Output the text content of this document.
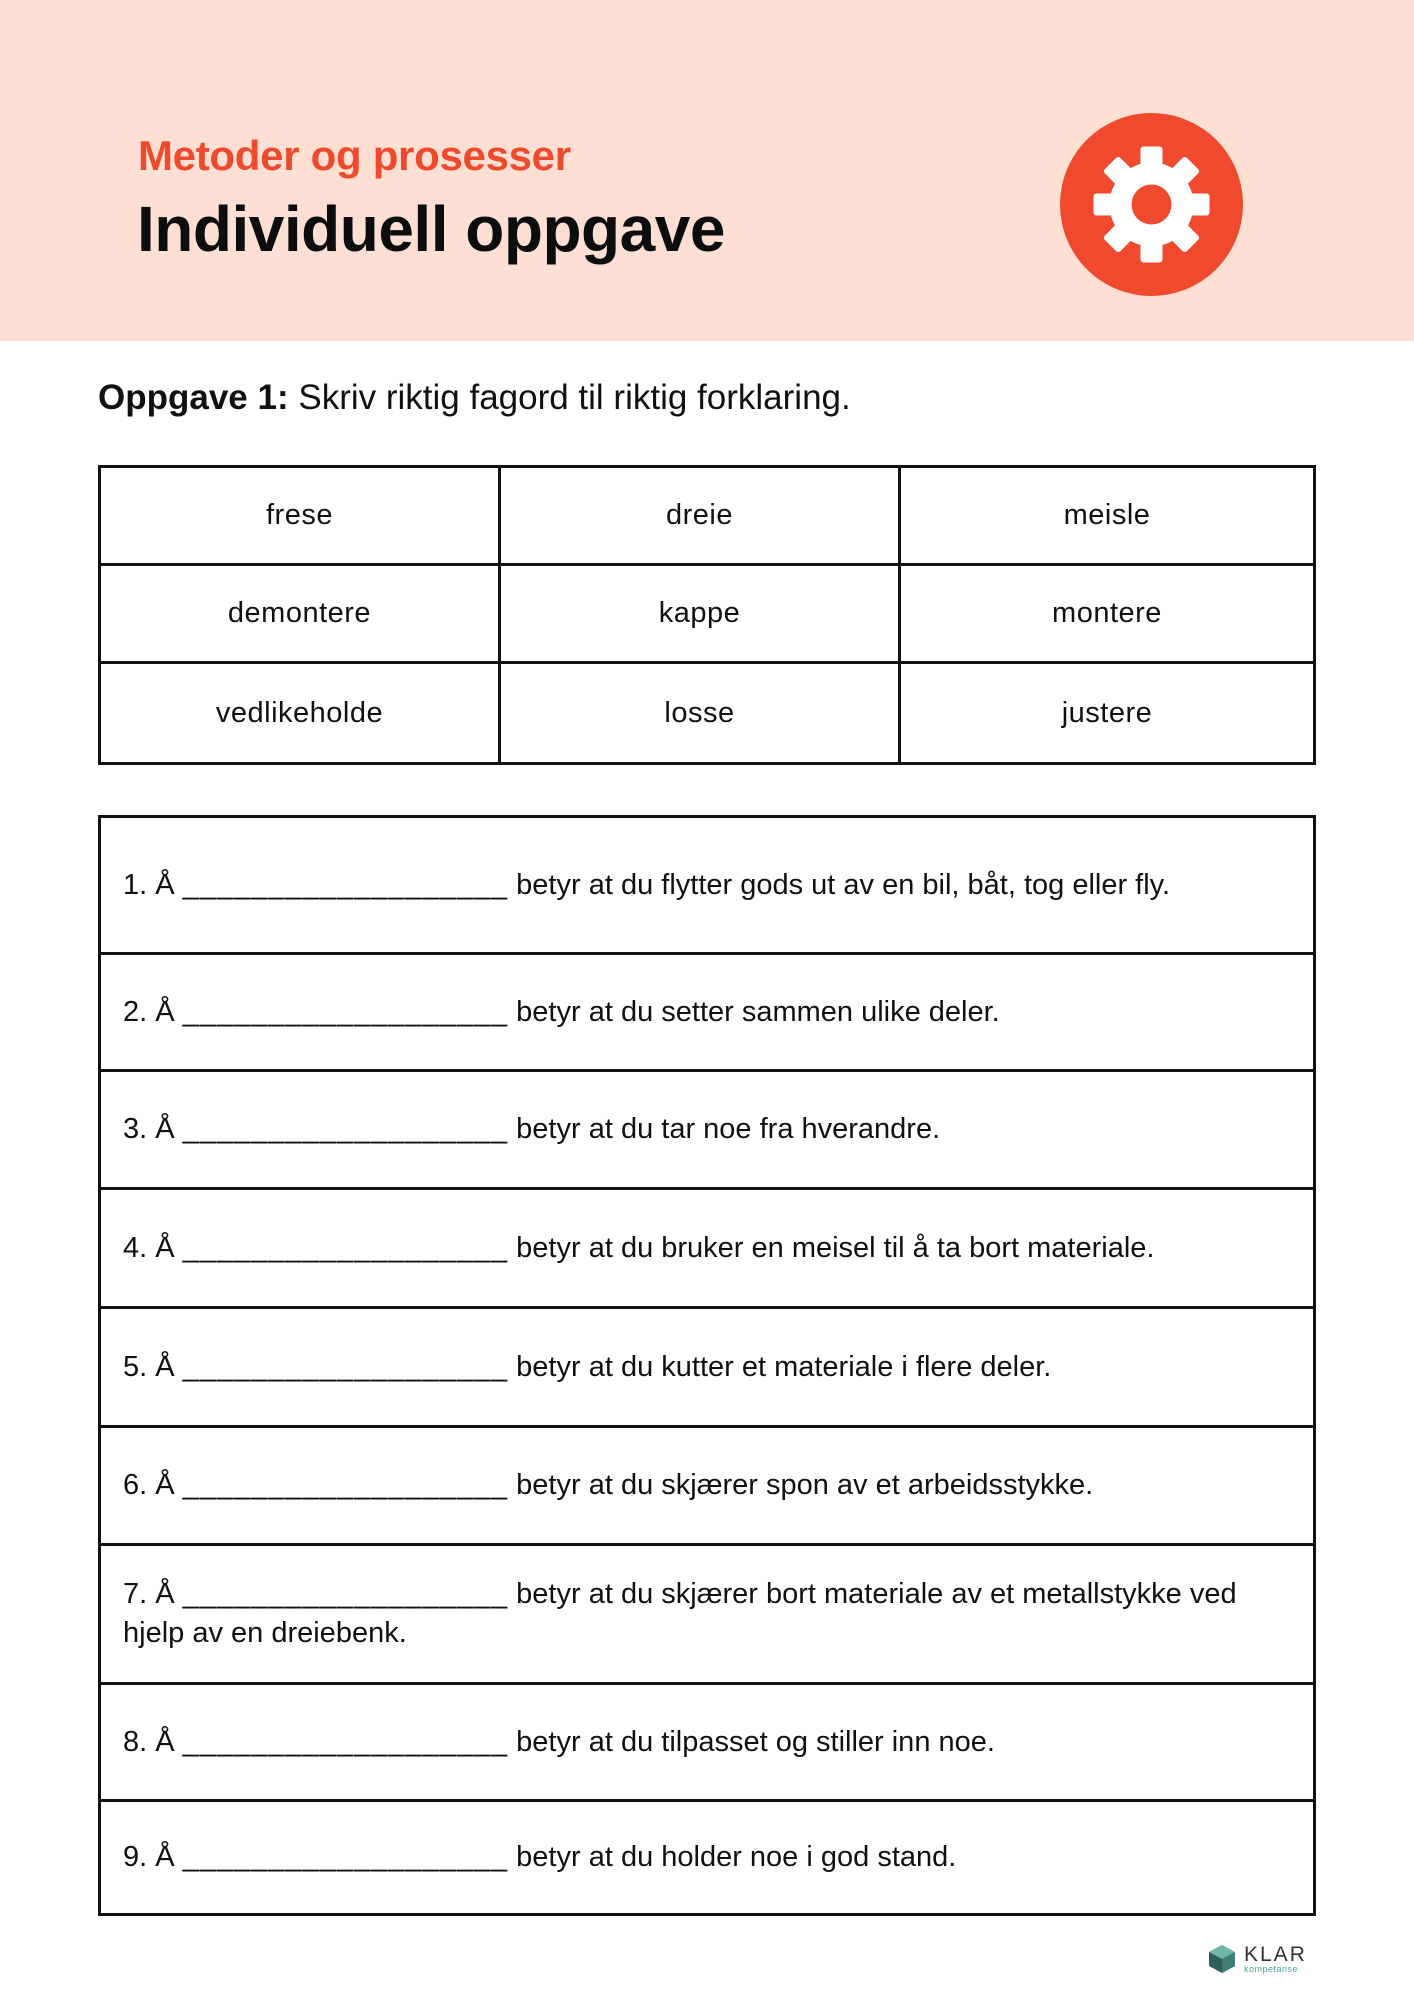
Metoder og prosesser
Individuell oppgave
Oppgave 1: Skriv riktig fagord til riktig forklaring.
frese	dreie	meisle
demontere	kappe	montere
vedlikeholde	losse	justere
1. Å ___________________ betyr at du flytter gods ut av en bil, båt, tog eller fly.
2. Å ___________________ betyr at du setter sammen ulike deler.
3. Å ___________________ betyr at du tar noe fra hverandre.
4. Å ___________________ betyr at du bruker en meisel til å ta bort materiale.
5. Å ___________________ betyr at du kutter et materiale i flere deler.
6. Å ___________________ betyr at du skjærer spon av et arbeidsstykke.
7. Å ___________________ betyr at du skjærer bort materiale av et metallstykke ved hjelp av en dreiebenk.
8. Å ___________________ betyr at du tilpasset og stiller inn noe.
9. Å ___________________ betyr at du holder noe i god stand.
KLAR
kompetanse
